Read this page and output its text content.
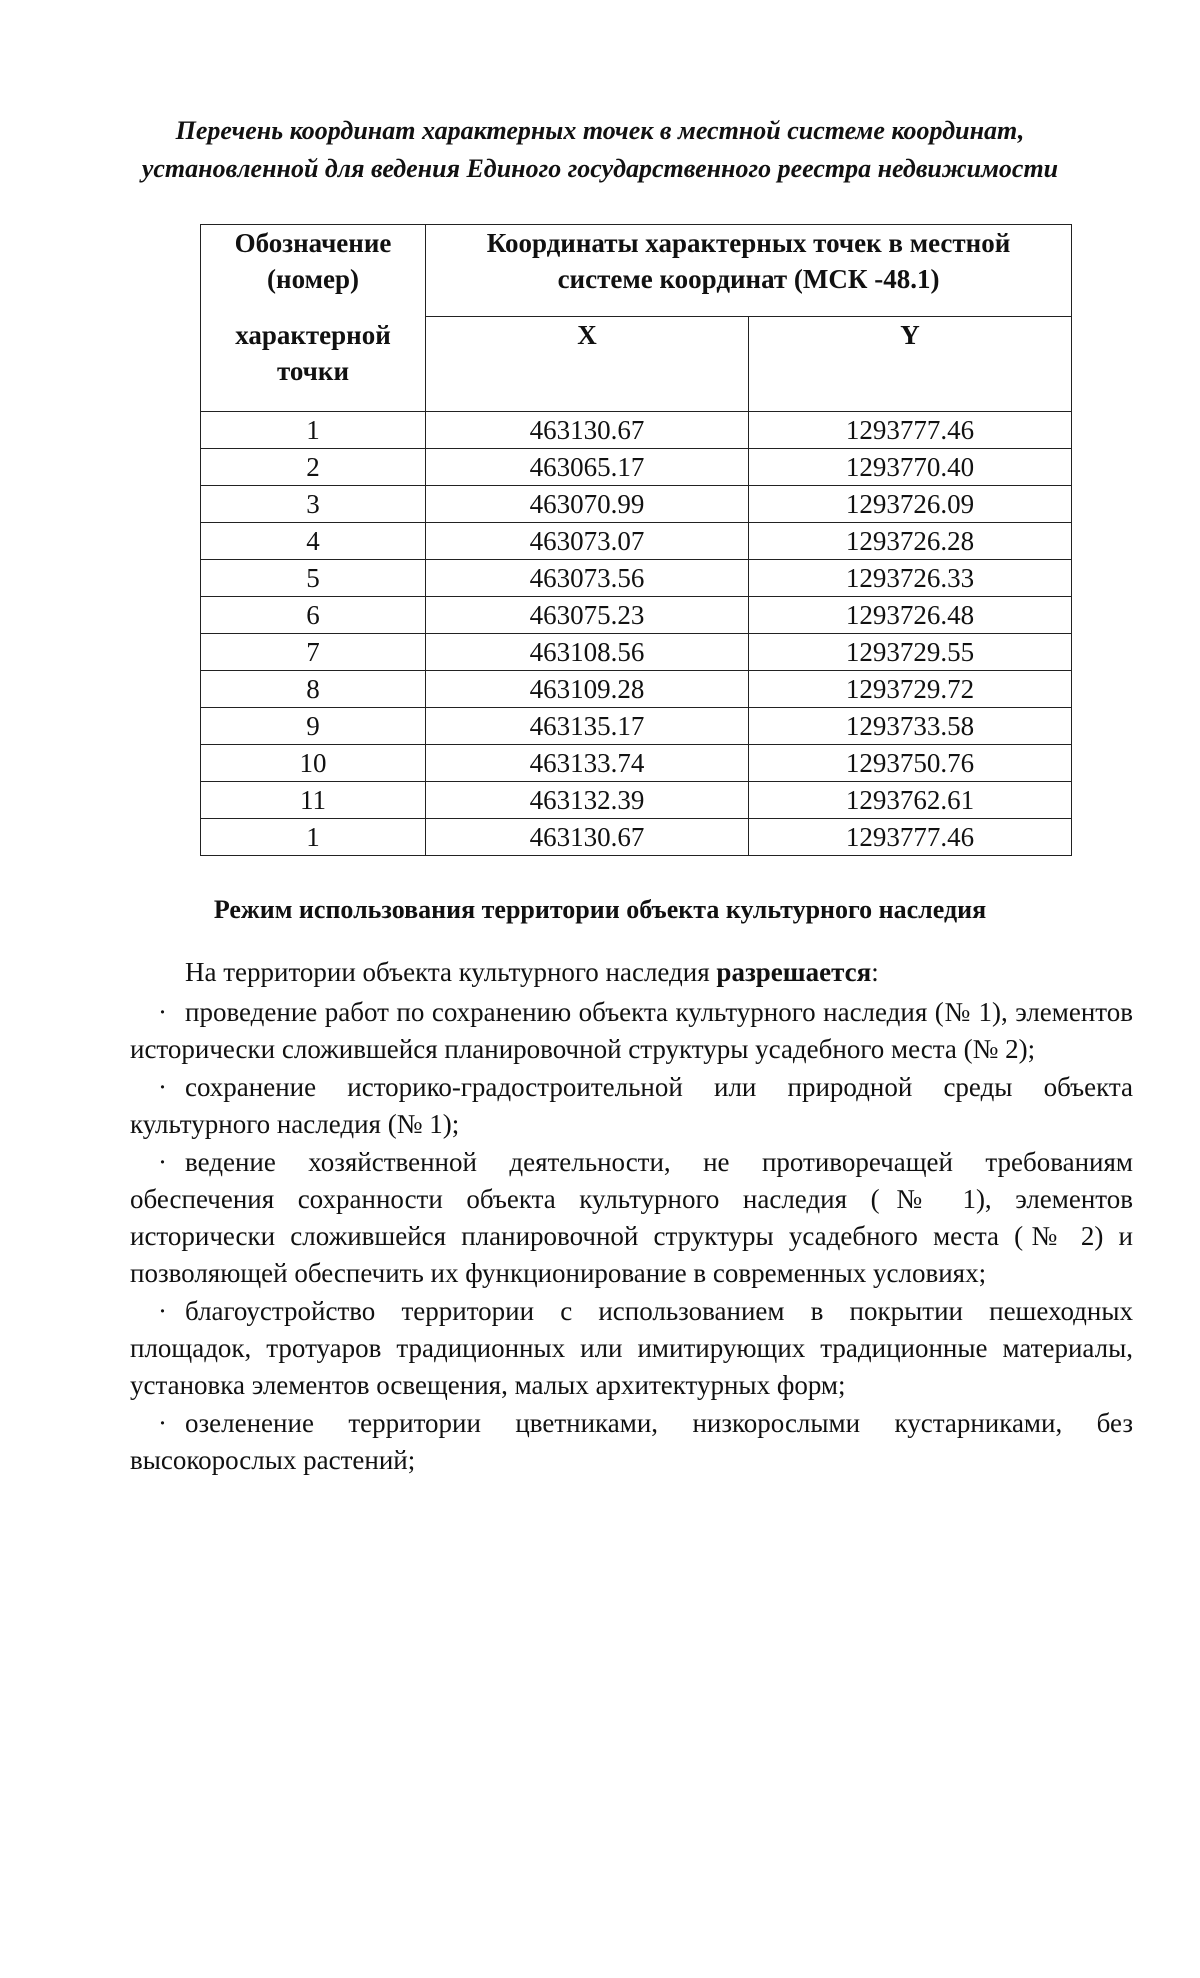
Перечень координат характерных точек в местной системе координат,
установленной для ведения Единого государственного реестра недвижимости
Обозначение
(номер)
характерной
точки	Координаты характерных точек в местной
системе координат (МСК -48.1)	

	X	Y
1	463130.67	1293777.46
2	463065.17	1293770.40
3	463070.99	1293726.09
4	463073.07	1293726.28
5	463073.56	1293726.33
6	463075.23	1293726.48
7	463108.56	1293729.55
8	463109.28	1293729.72
9	463135.17	1293733.58
10	463133.74	1293750.76
11	463132.39	1293762.61
1	463130.67	1293777.46
Режим использования территории объекта культурного наследия

На территории объекта культурного наследия разрешается:

· проведение работ по сохранению объекта культурного наследия (№ 1), элементов исторически сложившейся планировочной структуры усадебного места (№ 2);
· сохранение историко-градостроительной или природной среды объекта культурного наследия (№ 1);
· ведение хозяйственной деятельности, не противоречащей требованиям обеспечения сохранности объекта культурного наследия (№ 1), элементов исторически сложившейся планировочной структуры усадебного места (№ 2) и позволяющей обеспечить их функционирование в современных условиях;
· благоустройство территории с использованием в покрытии пешеходных площадок, тротуаров традиционных или имитирующих традиционные материалы, установка элементов освещения, малых архитектурных форм;
· озеленение территории цветниками, низкорослыми кустарниками, без высокорослых растений;
